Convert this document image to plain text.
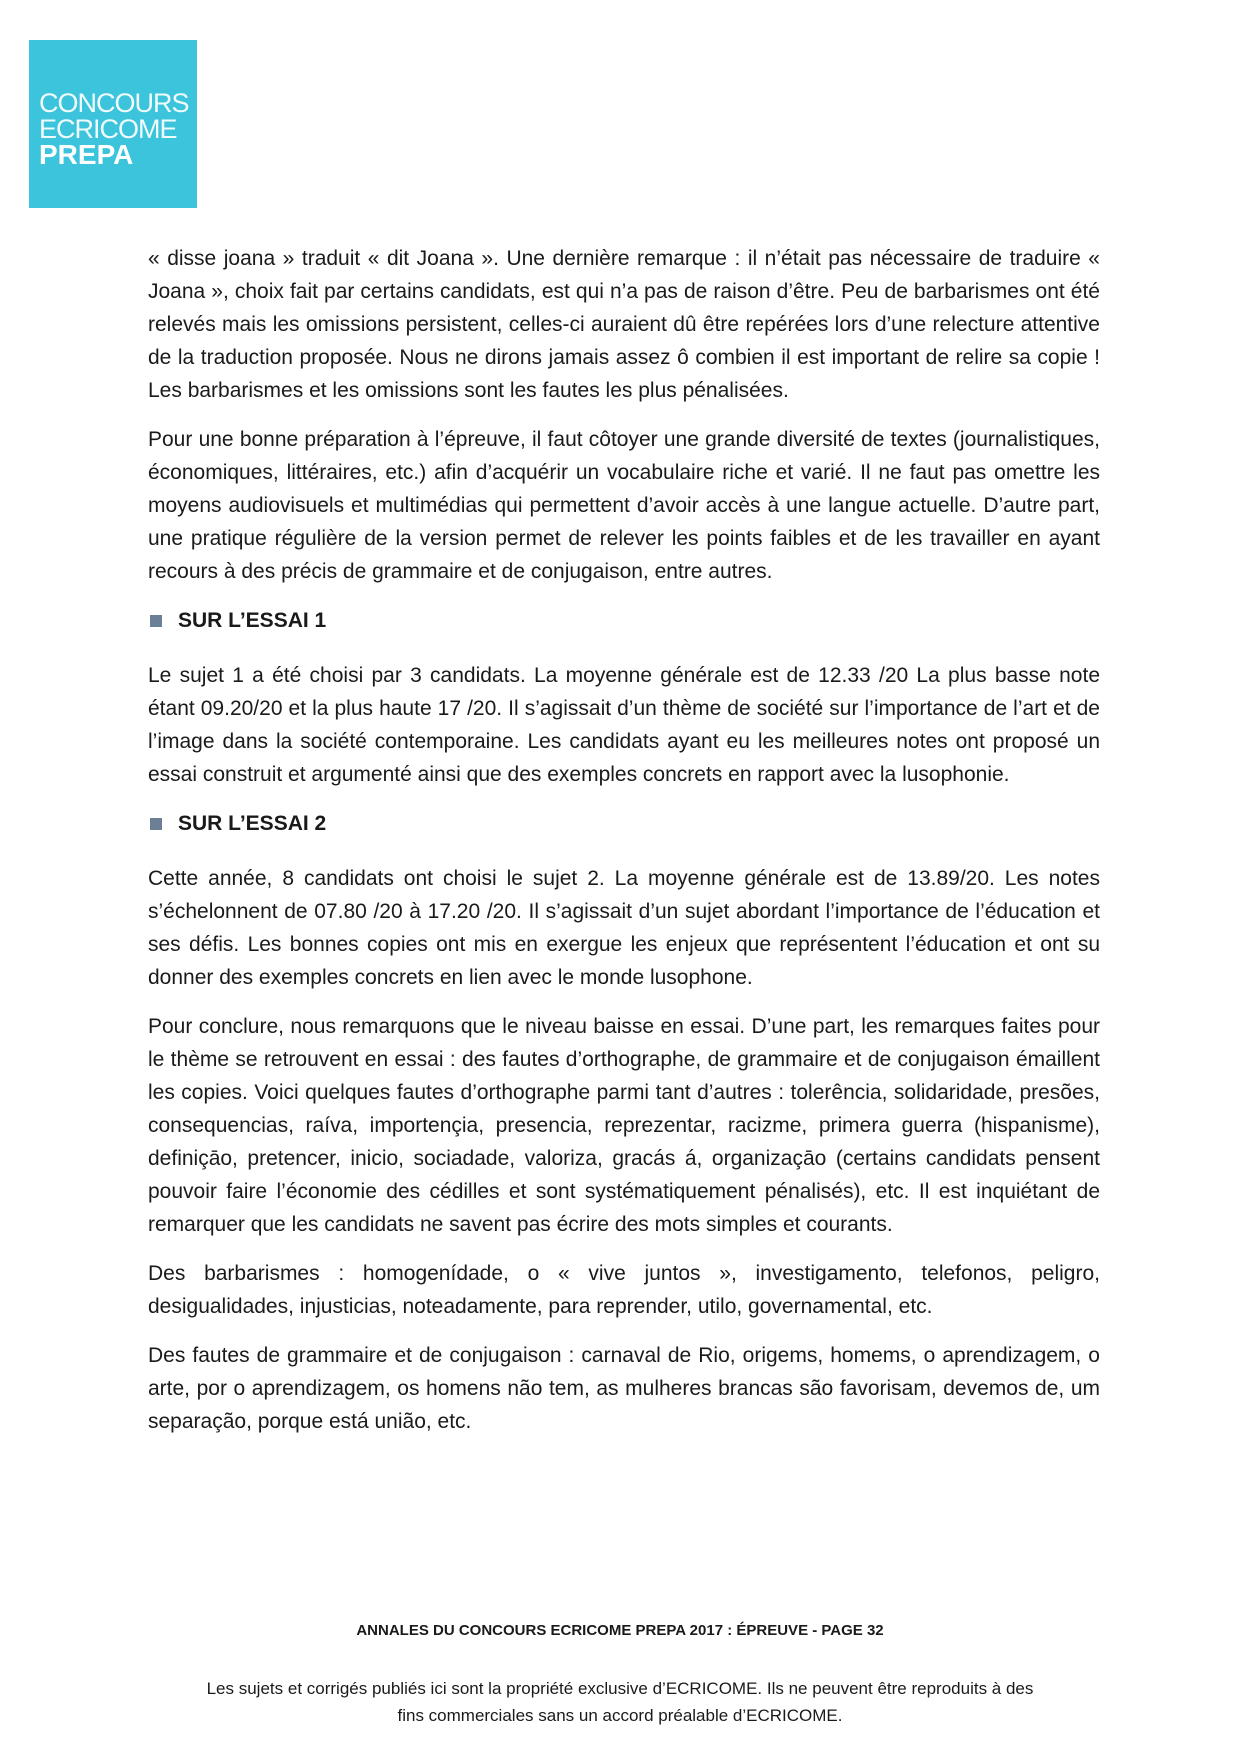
CONCOURS
ECRICOME
PREPA

« disse joana » traduit « dit Joana ». Une dernière remarque : il n’était pas nécessaire de traduire « Joana », choix fait par certains candidats, est qui n’a pas de raison d’être. Peu de barbarismes ont été relevés mais les omissions persistent, celles-ci auraient dû être repérées lors d’une relecture attentive de la traduction proposée. Nous ne dirons jamais assez ô combien il est important de relire sa copie ! Les barbarismes et les omissions sont les fautes les plus pénalisées.

Pour une bonne préparation à l’épreuve, il faut côtoyer une grande diversité de textes (journalistiques, économiques, littéraires, etc.) afin d’acquérir un vocabulaire riche et varié. Il ne faut pas omettre les moyens audiovisuels et multimédias qui permettent d’avoir accès à une langue actuelle. D’autre part, une pratique régulière de la version permet de relever les points faibles et de les travailler en ayant recours à des précis de grammaire et de conjugaison, entre autres.

SUR L’ESSAI 1

Le sujet 1 a été choisi par 3 candidats. La moyenne générale est de 12.33 /20 La plus basse note étant 09.20/20 et la plus haute 17 /20. Il s’agissait d’un thème de société sur l’importance de l’art et de l’image dans la société contemporaine. Les candidats ayant eu les meilleures notes ont proposé un essai construit et argumenté ainsi que des exemples concrets en rapport avec la lusophonie.

SUR L’ESSAI 2

Cette année, 8 candidats ont choisi le sujet 2. La moyenne générale est de 13.89/20. Les notes s’échelonnent de 07.80 /20 à 17.20 /20. Il s’agissait d’un sujet abordant l’importance de l’éducation et ses défis. Les bonnes copies ont mis en exergue les enjeux que représentent l’éducation et ont su donner des exemples concrets en lien avec le monde lusophone.

Pour conclure, nous remarquons que le niveau baisse en essai. D’une part, les remarques faites pour le thème se retrouvent en essai : des fautes d’orthographe, de grammaire et de conjugaison émaillent les copies. Voici quelques fautes d’orthographe parmi tant d’autres : tolerência, solidaridade, presões, consequencias, raíva, importençia, presencia, reprezentar, racizme, primera guerra (hispanisme), definiçāo, pretencer, inicio, sociadade, valoriza, gracás á, organizaçāo (certains candidats pensent pouvoir faire l’économie des cédilles et sont systématiquement pénalisés), etc. Il est inquiétant de remarquer que les candidats ne savent pas écrire des mots simples et courants.

Des barbarismes : homogenídade, o « vive juntos », investigamento, telefonos, peligro, desigualidades, injusticias, noteadamente, para reprender, utilo, governamental, etc.

Des fautes de grammaire et de conjugaison : carnaval de Rio, origems, homems, o aprendizagem, o arte, por o aprendizagem, os homens não tem, as mulheres brancas são favorisam, devemos de, um separação, porque está união, etc.

ANNALES DU CONCOURS ECRICOME PREPA 2017 : ÉPREUVE - PAGE 32
Les sujets et corrigés publiés ici sont la propriété exclusive d’ECRICOME. Ils ne peuvent être reproduits à des
fins commerciales sans un accord préalable d’ECRICOME.
